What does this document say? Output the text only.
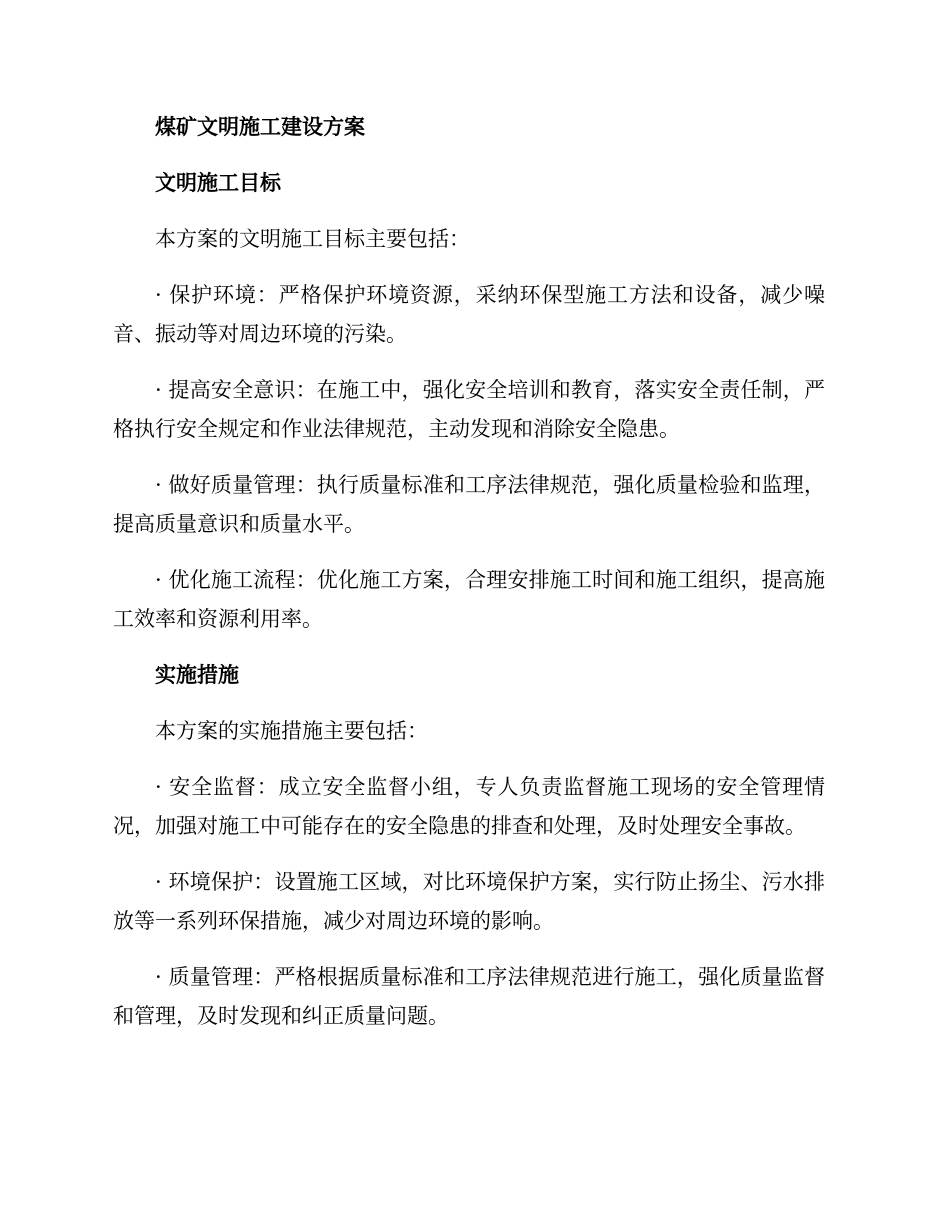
煤矿文明施工建设方案
文明施工目标

本方案的文明施工目标主要包括：

· 保护环境：严格保护环境资源，采纳环保型施工方法和设备，减少噪音、振动等对周边环境的污染。

· 提高安全意识：在施工中，强化安全培训和教育，落实安全责任制，严格执行安全规定和作业法律规范，主动发现和消除安全隐患。

· 做好质量管理：执行质量标准和工序法律规范，强化质量检验和监理，提高质量意识和质量水平。

· 优化施工流程：优化施工方案，合理安排施工时间和施工组织，提高施工效率和资源利用率。

实施措施

本方案的实施措施主要包括：

· 安全监督：成立安全监督小组，专人负责监督施工现场的安全管理情况，加强对施工中可能存在的安全隐患的排查和处理，及时处理安全事故。

· 环境保护：设置施工区域，对比环境保护方案，实行防止扬尘、污水排放等一系列环保措施，减少对周边环境的影响。

· 质量管理：严格根据质量标准和工序法律规范进行施工，强化质量监督和管理，及时发现和纠正质量问题。
